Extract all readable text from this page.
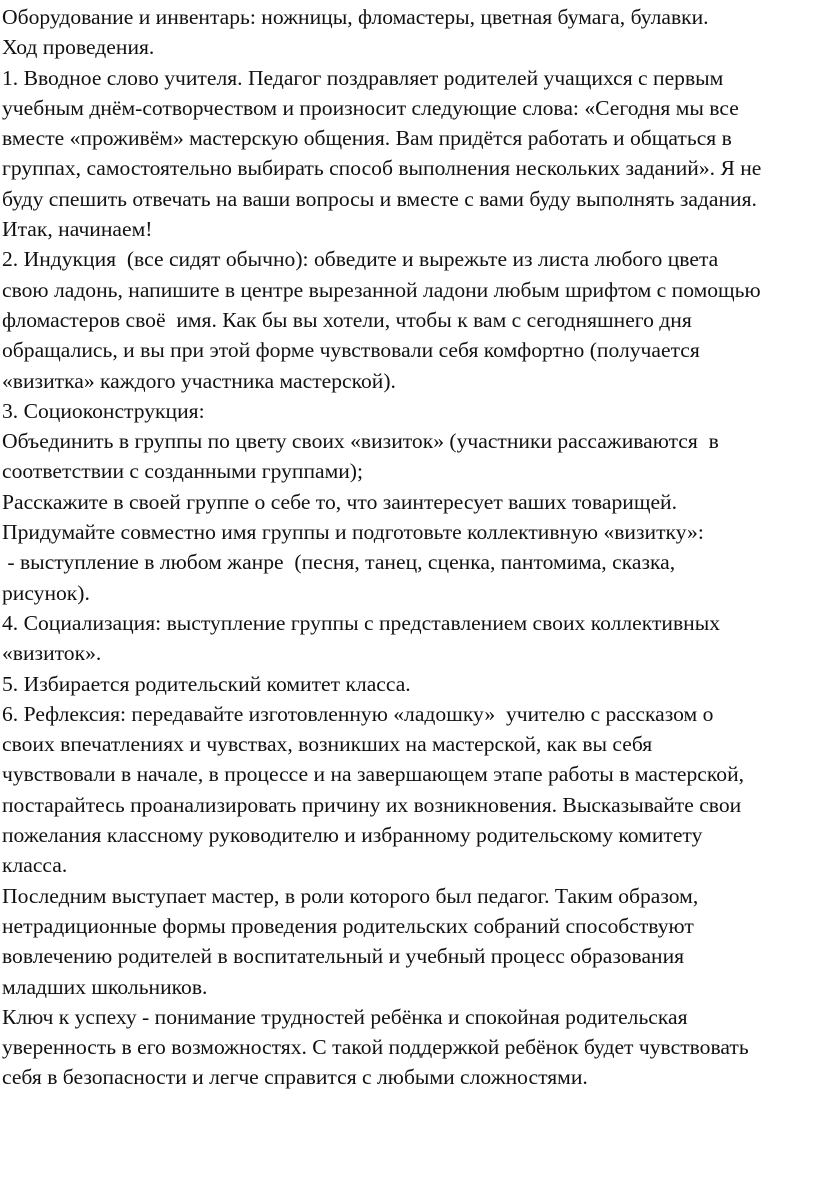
Оборудование и инвентарь: ножницы, фломастеры, цветная бумага, булавки.
Ход проведения.
1. Вводное слово учителя. Педагог поздравляет родителей учащихся с первым
учебным днём-сотворчеством и произносит следующие слова: «Сегодня мы все
вместе «проживём» мастерскую общения. Вам придётся работать и общаться в
группах, самостоятельно выбирать способ выполнения нескольких заданий». Я не
буду спешить отвечать на ваши вопросы и вместе с вами буду выполнять задания.
Итак, начинаем!
2. Индукция  (все сидят обычно): обведите и вырежьте из листа любого цвета
свою ладонь, напишите в центре вырезанной ладони любым шрифтом с помощью
фломастеров своё  имя. Как бы вы хотели, чтобы к вам с сегодняшнего дня
обращались, и вы при этой форме чувствовали себя комфортно (получается
«визитка» каждого участника мастерской).
3. Социоконструкция:
Объединить в группы по цвету своих «визиток» (участники рассаживаются  в
соответствии с созданными группами);
Расскажите в своей группе о себе то, что заинтересует ваших товарищей.
Придумайте совместно имя группы и подготовьте коллективную «визитку»:
- выступление в любом жанре  (песня, танец, сценка, пантомима, сказка,
рисунок).
4. Социализация: выступление группы с представлением своих коллективных
«визиток».
5. Избирается родительский комитет класса.
6. Рефлексия: передавайте изготовленную «ладошку»  учителю с рассказом о
своих впечатлениях и чувствах, возникших на мастерской, как вы себя
чувствовали в начале, в процессе и на завершающем этапе работы в мастерской,
постарайтесь проанализировать причину их возникновения. Высказывайте свои
пожелания классному руководителю и избранному родительскому комитету
класса.
Последним выступает мастер, в роли которого был педагог. Таким образом,
нетрадиционные формы проведения родительских собраний способствуют
вовлечению родителей в воспитательный и учебный процесс образования
младших школьников.
Ключ к успеху - понимание трудностей ребёнка и спокойная родительская
уверенность в его возможностях. С такой поддержкой ребёнок будет чувствовать
себя в безопасности и легче справится с любыми сложностями.
